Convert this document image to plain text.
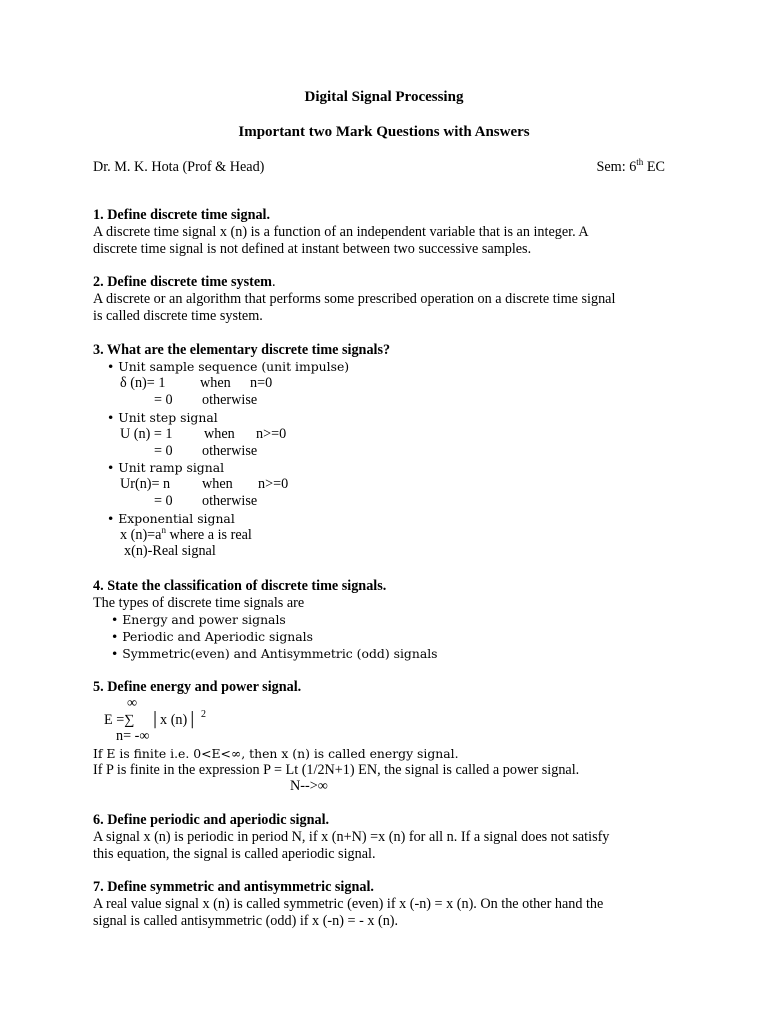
Digital Signal Processing
Important two Mark Questions with Answers
Dr. M. K. Hota (Prof & Head)	Sem: 6th EC
1. Define discrete time signal.
A discrete time signal x (n) is a function of an independent variable that is an integer. A
discrete time signal is not defined at instant between two successive samples.
2. Define discrete time system.
A discrete or an algorithm that performs some prescribed operation on a discrete time signal
is called discrete time system.
3. What are the elementary discrete time signals?
• Unit sample sequence (unit impulse)
δ (n)= 1 when n=0
= 0 otherwise
• Unit step signal
U (n) = 1 when n>=0
= 0 otherwise
• Unit ramp signal
Ur(n)= n when n>=0
= 0 otherwise
• Exponential signal
x $(n)=a^n$ where a is real
x(n)-Real signal
4. State the classification of discrete time signals.
The types of discrete time signals are
• Energy and power signals
• Periodic and Aperiodic signals
• Symmetric(even) and Antisymmetric (odd) signals
5. Define energy and power signal.
∞
E =∑ │x (n)│ 2
n= -∞
If E is finite i.e. 0<E<∞, then x (n) is called energy signal.
If P is finite in the expression P = Lt (1/2N+1) EN, the signal is called a power signal.
N-->∞
6. Define periodic and aperiodic signal.
A signal x (n) is periodic in period N, if x (n+N) =x (n) for all n. If a signal does not satisfy
this equation, the signal is called aperiodic signal.
7. Define symmetric and antisymmetric signal.
A real value signal x (n) is called symmetric (even) if x (-n) = x (n). On the other hand the
signal is called antisymmetric (odd) if x (-n) = - x (n).
